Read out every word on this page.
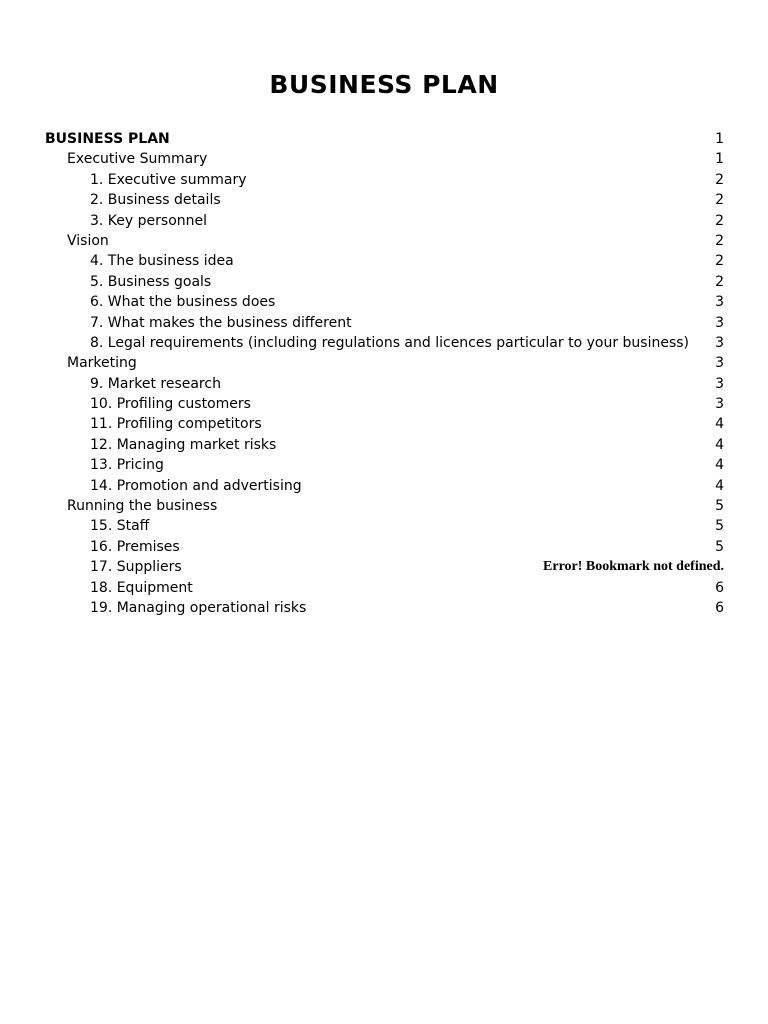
BUSINESS PLAN
BUSINESS PLAN	1
Executive Summary	1
1. Executive summary	2
2. Business details	2
3. Key personnel	2
Vision	2
4. The business idea	2
5. Business goals	2
6. What the business does	3
7. What makes the business different	3
8. Legal requirements (including regulations and licences particular to your business) 3
Marketing	3
9. Market research	3
10. Profiling customers	3
11. Profiling competitors	4
12. Managing market risks	4
13. Pricing	4
14. Promotion and advertising	4
Running the business	5
15. Staff	5
16. Premises	5
17. Suppliers	Error! Bookmark not defined.
18. Equipment	6
19. Managing operational risks	6
